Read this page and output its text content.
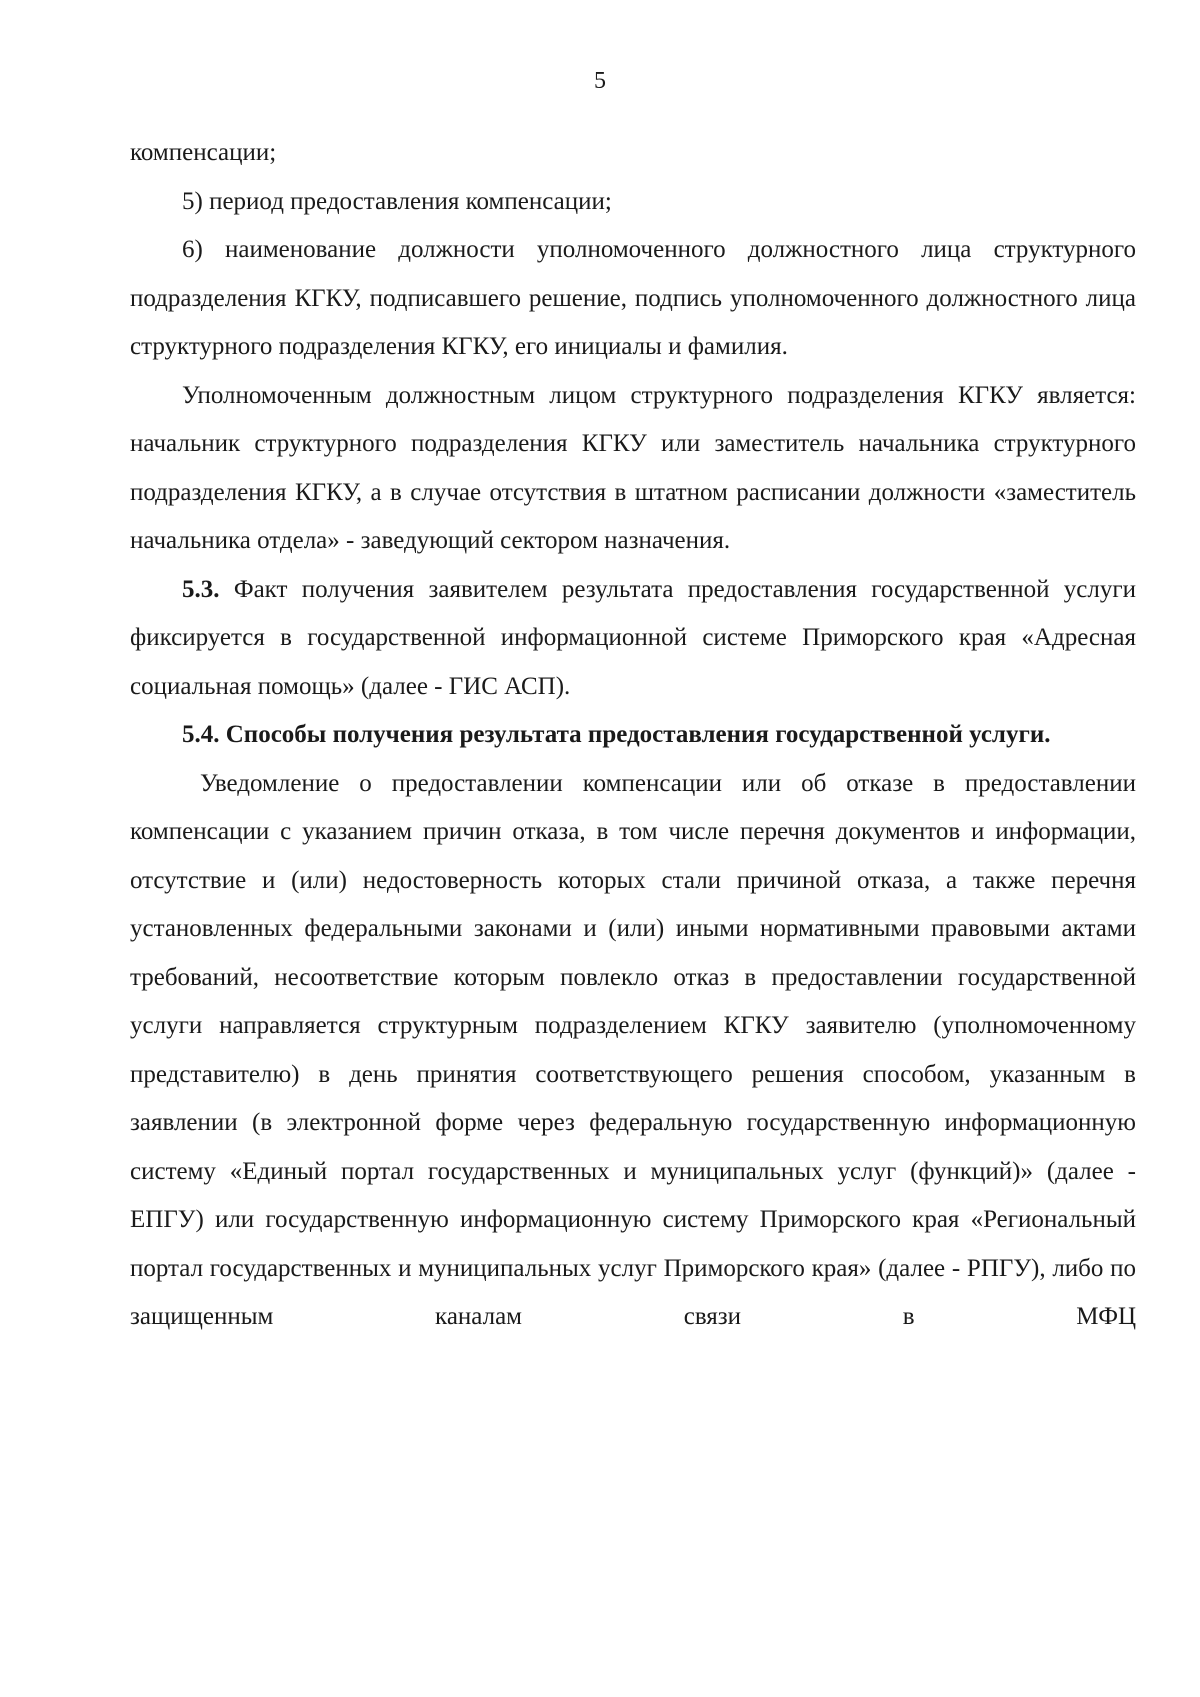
5

компенсации;

5) период предоставления компенсации;

6) наименование должности уполномоченного должностного лица структурного подразделения КГКУ, подписавшего решение, подпись уполномоченного должностного лица структурного подразделения КГКУ, его инициалы и фамилия.

Уполномоченным должностным лицом структурного подразделения КГКУ является: начальник структурного подразделения КГКУ или заместитель начальника структурного подразделения КГКУ, а в случае отсутствия в штатном расписании должности «заместитель начальника отдела» - заведующий сектором назначения.

5.3. Факт получения заявителем результата предоставления государственной услуги фиксируется в государственной информационной системе Приморского края «Адресная социальная помощь» (далее - ГИС АСП).

5.4. Способы получения результата предоставления государственной услуги.

Уведомление о предоставлении компенсации или об отказе в предоставлении компенсации с указанием причин отказа, в том числе перечня документов и информации, отсутствие и (или) недостоверность которых стали причиной отказа, а также перечня установленных федеральными законами и (или) иными нормативными правовыми актами требований, несоответствие которым повлекло отказ в предоставлении государственной услуги направляется структурным подразделением КГКУ заявителю (уполномоченному представителю) в день принятия соответствующего решения способом, указанным в заявлении (в электронной форме через федеральную государственную информационную систему «Единый портал государственных и муниципальных услуг (функций)» (далее - ЕПГУ) или государственную информационную систему Приморского края «Региональный портал государственных и муниципальных услуг Приморского края» (далее - РПГУ), либо по защищенным каналам связи в МФЦ
